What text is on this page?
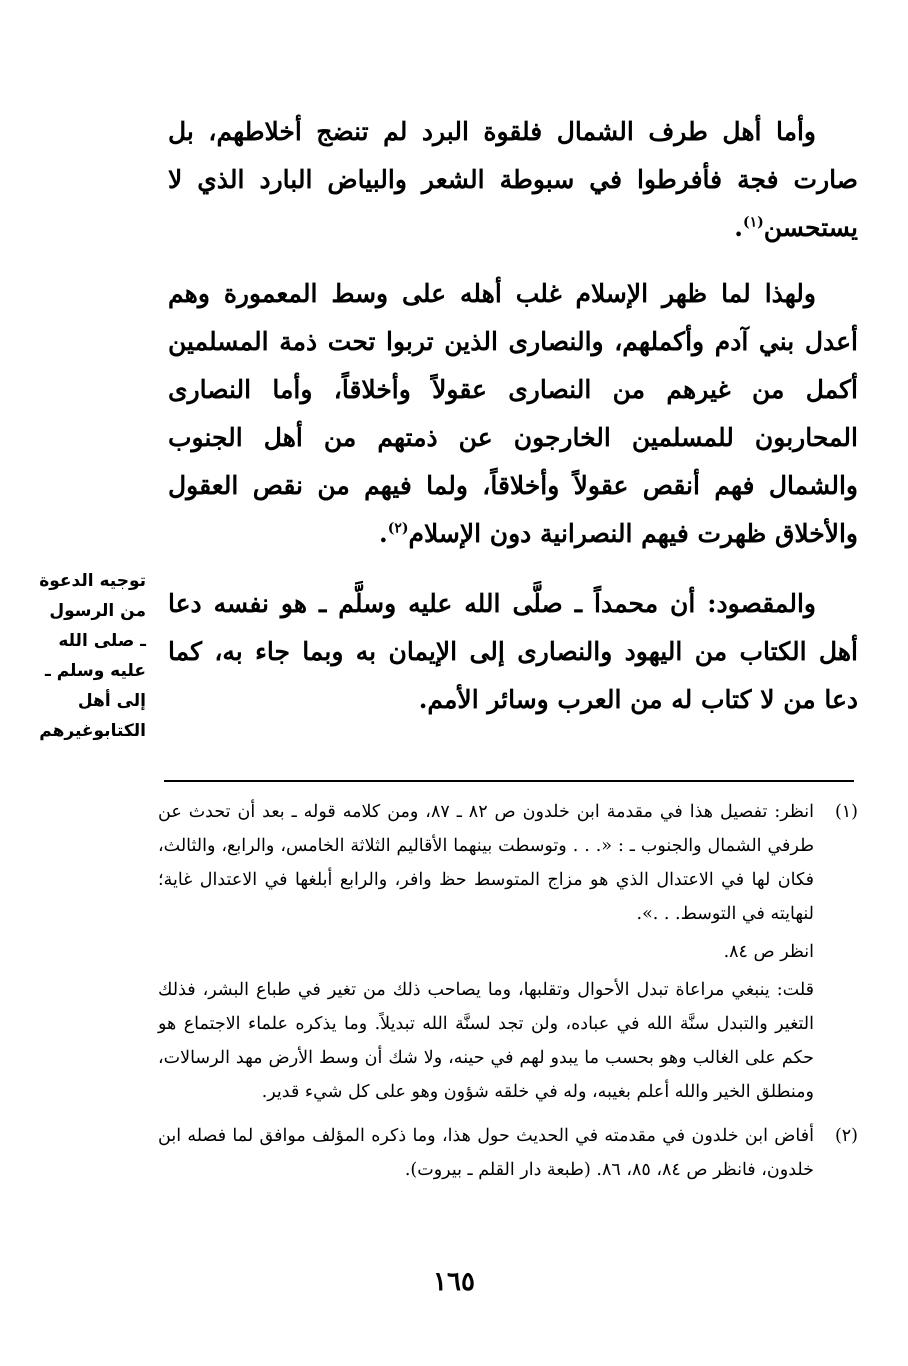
وأما أهل طرف الشمال فلقوة البرد لم تنضج أخلاطهم، بل صارت فجة فأفرطوا في سبوطة الشعر والبياض البارد الذي لا يستحسن$^{(١)}$.

ولهذا لما ظهر الإسلام غلب أهله على وسط المعمورة وهم أعدل بني آدم وأكملهم، والنصارى الذين تربوا تحت ذمة المسلمين أكمل من غيرهم من النصارى عقولاً وأخلاقاً، وأما النصارى المحاربون للمسلمين الخارجون عن ذمتهم من أهل الجنوب والشمال فهم أنقص عقولاً وأخلاقاً، ولما فيهم من نقص العقول والأخلاق ظهرت فيهم النصرانية دون الإسلام$^{(٢)}$.

والمقصود: أن محمداً ـ صلَّى الله عليه وسلَّم ـ هو نفسه دعا أهل الكتاب من اليهود والنصارى إلى الإيمان به وبما جاء به، كما دعا من لا كتاب له من العرب وسائر الأمم.

توجيه الدعوة
من الرسول
ـ صلى الله
عليه وسلم ـ
إلى أهل
الكتابوغيرهم
(١)

انظر: تفصيل هذا في مقدمة ابن خلدون ص ٨٢ ـ ٨٧، ومن كلامه قوله ـ بعد أن تحدث عن طرفي الشمال والجنوب ـ : «. . . وتوسطت بينهما الأقاليم الثلاثة الخامس، والرابع، والثالث، فكان لها في الاعتدال الذي هو مزاج المتوسط حظ وافر، والرابع أبلغها في الاعتدال غاية؛ لنهايته في التوسط. . .».

انظر ص ٨٤.

قلت: ينبغي مراعاة تبدل الأحوال وتقلبها، وما يصاحب ذلك من تغير في طباع البشر، فذلك التغير والتبدل سنَّة الله في عباده، ولن تجد لسنَّة الله تبديلاً. وما يذكره علماء الاجتماع هو حكم على الغالب وهو بحسب ما يبدو لهم في حينه، ولا شك أن وسط الأرض مهد الرسالات، ومنطلق الخير والله أعلم بغيبه، وله في خلقه شؤون وهو على كل شيء قدير.

(٢)

أفاض ابن خلدون في مقدمته في الحديث حول هذا، وما ذكره المؤلف موافق لما فصله ابن خلدون، فانظر ص ٨٤، ٨٥، ٨٦. (طبعة دار القلم ـ بيروت).

١٦٥
